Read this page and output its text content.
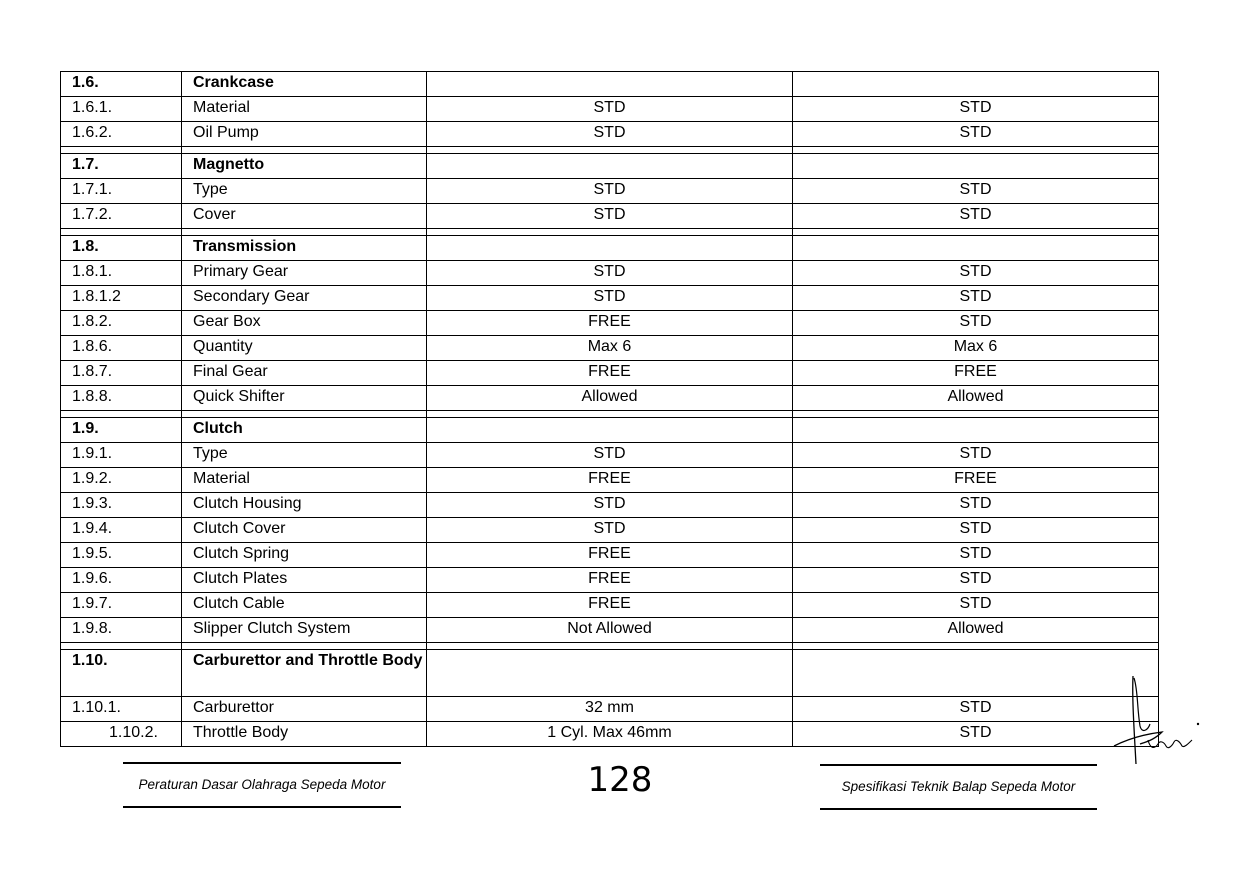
1.6.	Crankcase		
1.6.1.	Material	STD	STD
1.6.2.	Oil Pump	STD	STD

1.7.	Magnetto		
1.7.1.	Type	STD	STD
1.7.2.	Cover	STD	STD

1.8.	Transmission		
1.8.1.	Primary Gear	STD	STD
1.8.1.2	Secondary Gear	STD	STD
1.8.2.	Gear Box	FREE	STD
1.8.6.	Quantity	Max 6	Max 6
1.8.7.	Final Gear	FREE	FREE
1.8.8.	Quick Shifter	Allowed	Allowed

1.9.	Clutch		
1.9.1.	Type	STD	STD
1.9.2.	Material	FREE	FREE
1.9.3.	Clutch Housing	STD	STD
1.9.4.	Clutch Cover	STD	STD
1.9.5.	Clutch Spring	FREE	STD
1.9.6.	Clutch Plates	FREE	STD
1.9.7.	Clutch Cable	FREE	STD
1.9.8.	Slipper Clutch System	Not Allowed	Allowed

1.10.	Carburettor and Throttle Body		
1.10.1.	Carburettor	32 mm	STD
1.10.2.	Throttle Body	1 Cyl. Max 46mm	STD
Peraturan Dasar Olahraga Sepeda Motor	128	Spesifikasi Teknik Balap Sepeda Motor
